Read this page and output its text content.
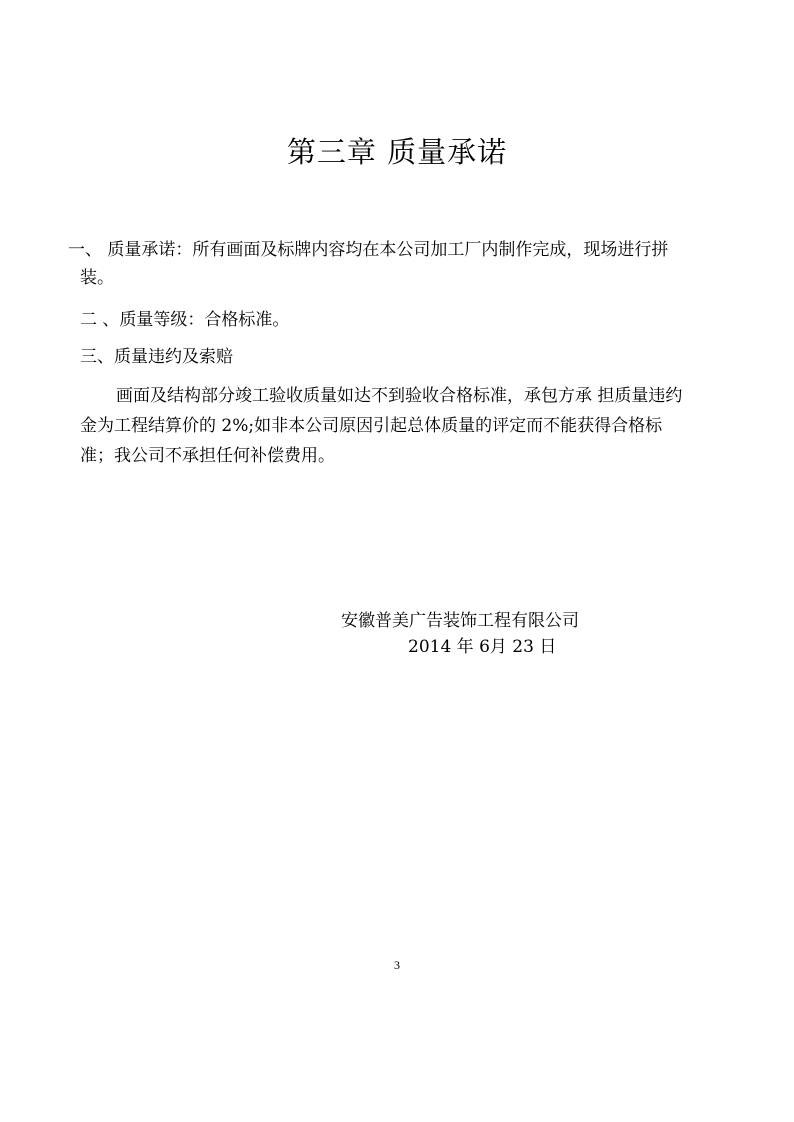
第三章 质量承诺
一、 质量承诺：所有画面及标牌内容均在本公司加工厂内制作完成，现场进行拼
装。
二 、质量等级：合格标准。
三、质量违约及索赔
画面及结构部分竣工验收质量如达不到验收合格标准，承包方承 担质量违约金为工程结算价的 2%;如非本公司原因引起总体质量的评定而不能获得合格标准；我公司不承担任何补偿费用。
安徽普美广告装饰工程有限公司
2014 年 6月 23 日
3
